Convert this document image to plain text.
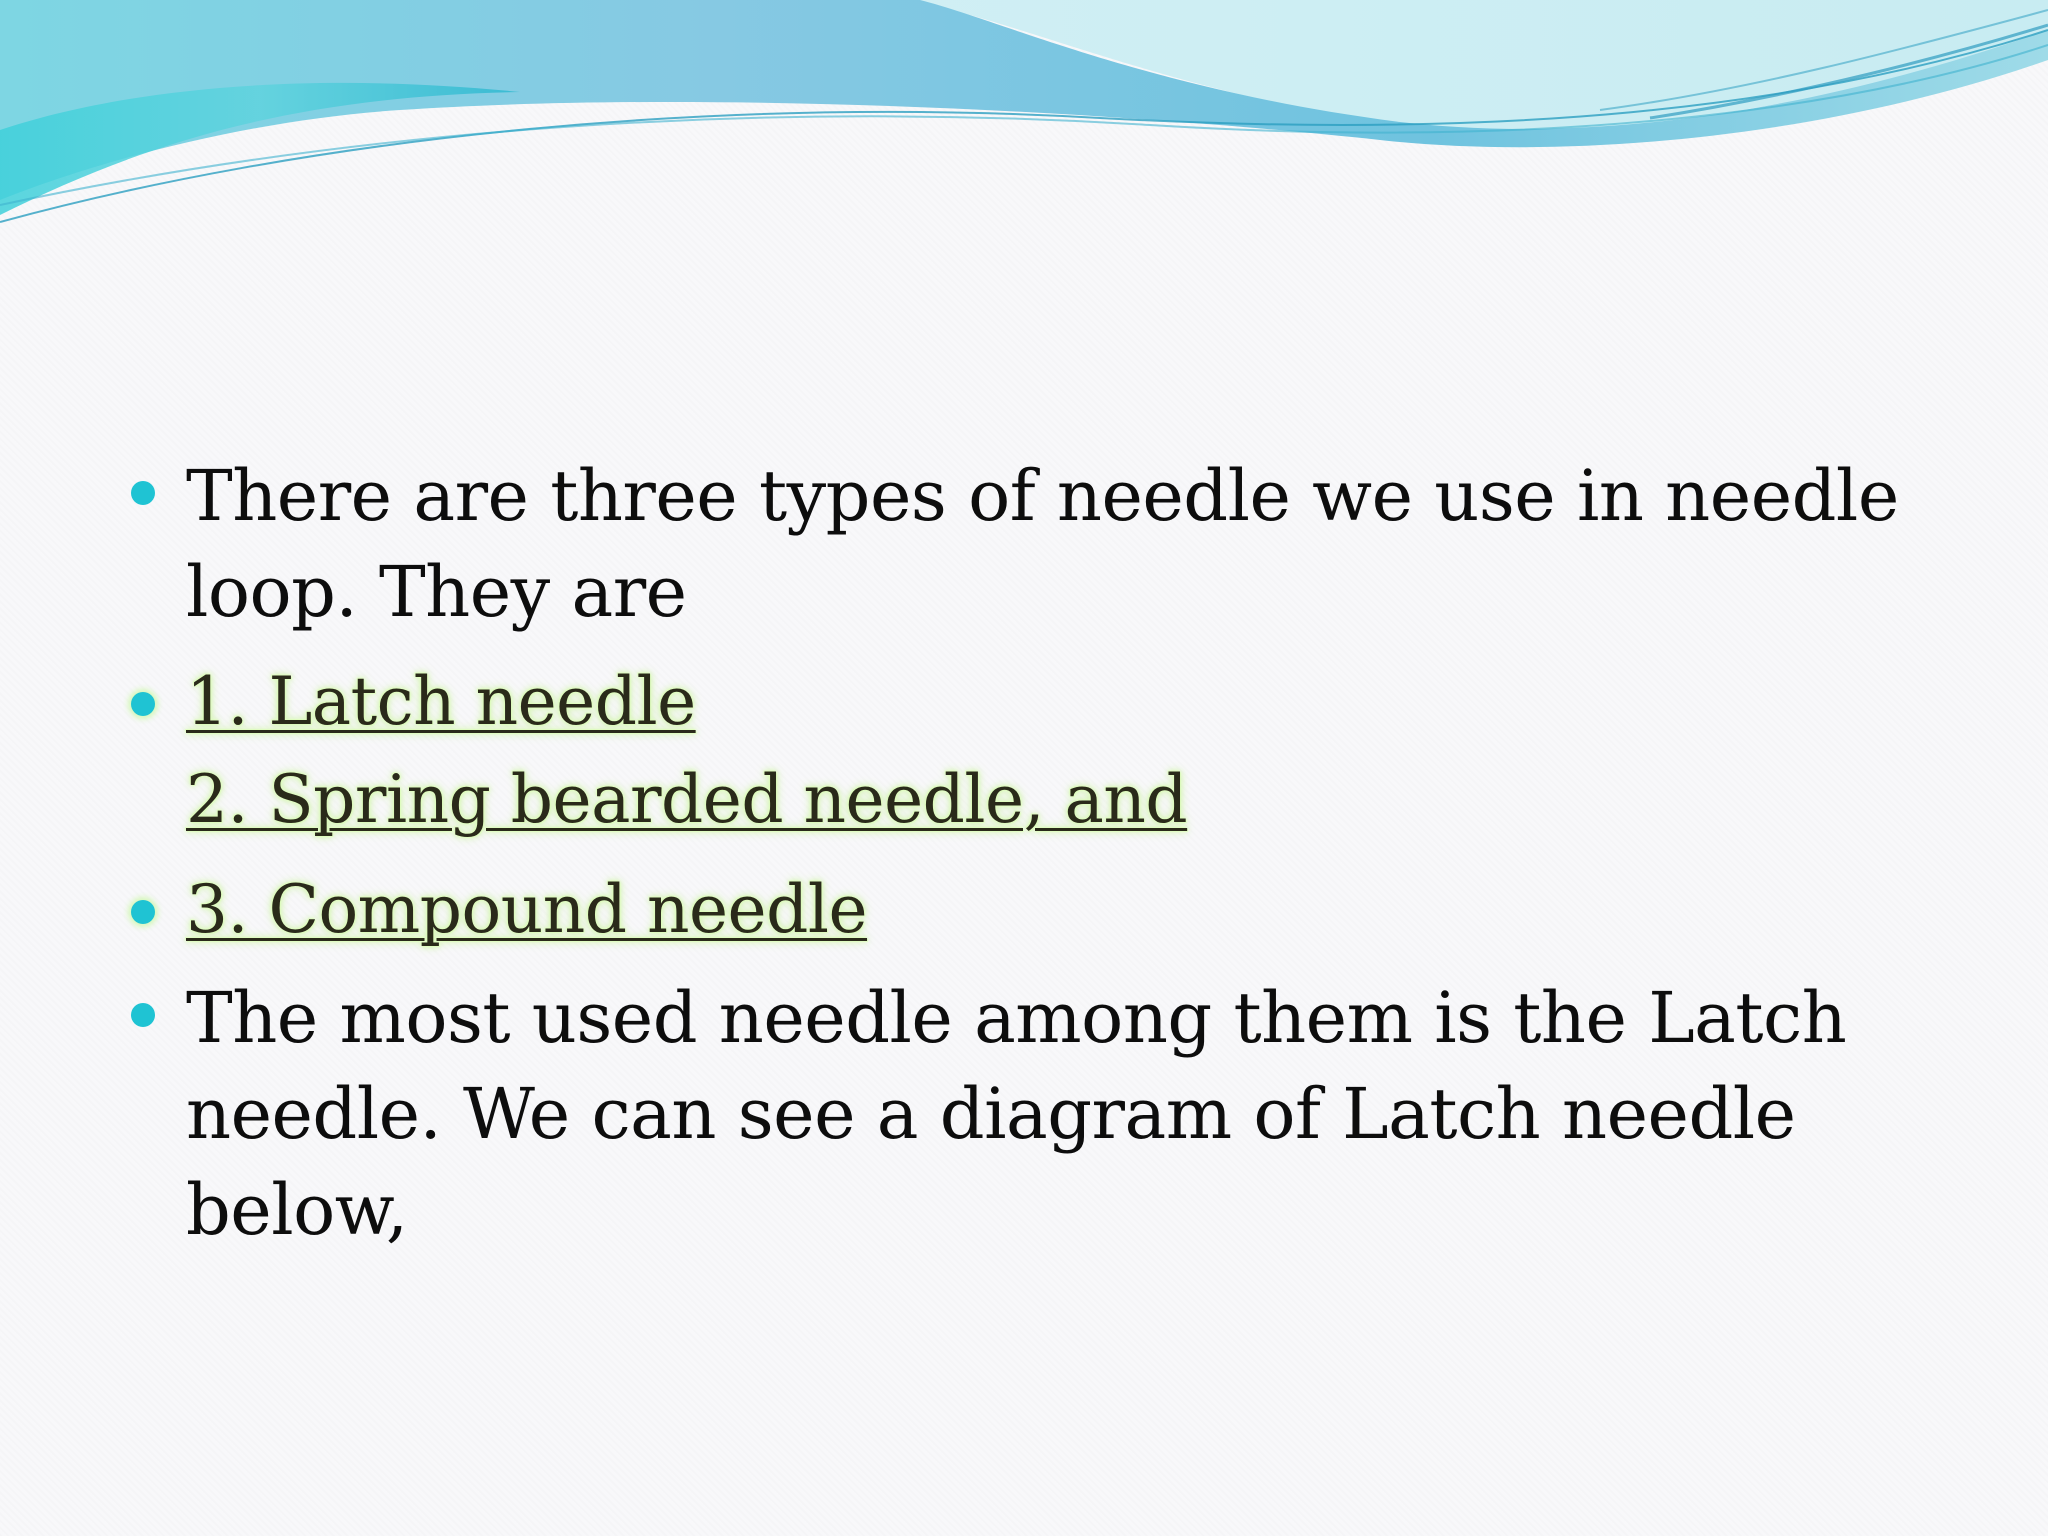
There are three types of needle we use in needle
loop. They are
1. Latch needle
2. Spring bearded needle, and
3. Compound needle
The most used needle among them is the Latch
needle. We can see a diagram of Latch needle
below,
